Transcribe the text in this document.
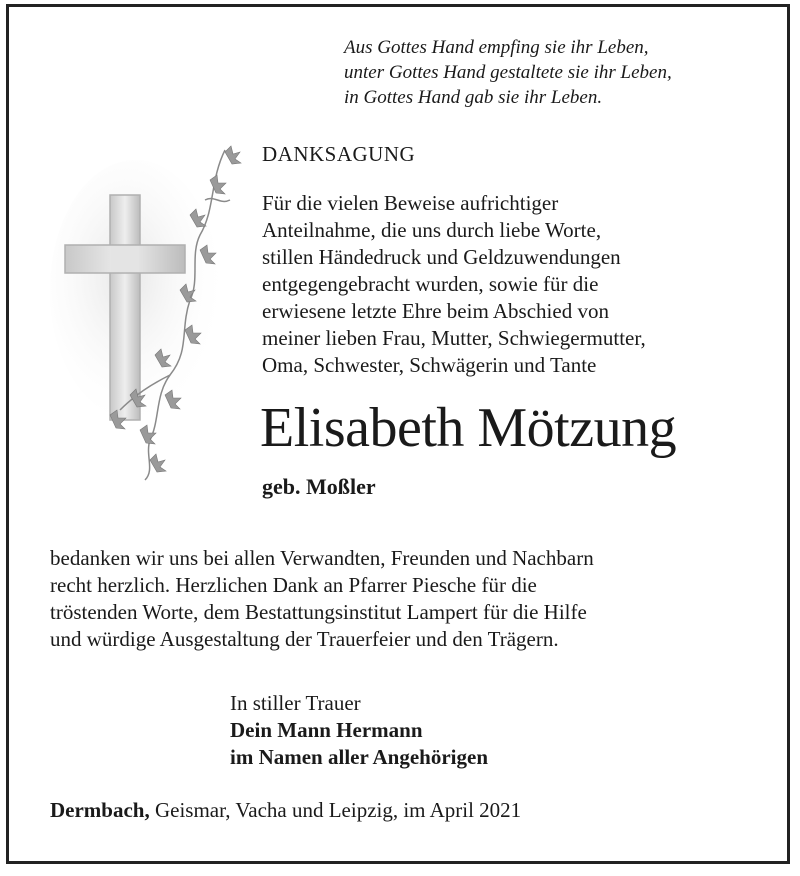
Aus Gottes Hand empfing sie ihr Leben,
unter Gottes Hand gestaltete sie ihr Leben,
in Gottes Hand gab sie ihr Leben.
DANKSAGUNG
Für die vielen Beweise aufrichtiger
Anteilnahme, die uns durch liebe Worte,
stillen Händedruck und Geldzuwendungen
entgegengebracht wurden, sowie für die
erwiesene letzte Ehre beim Abschied von
meiner lieben Frau, Mutter, Schwiegermutter,
Oma, Schwester, Schwägerin und Tante
Elisabeth Mötzung
geb. Moßler
bedanken wir uns bei allen Verwandten, Freunden und Nachbarn
recht herzlich. Herzlichen Dank an Pfarrer Piesche für die
tröstenden Worte, dem Bestattungsinstitut Lampert für die Hilfe
und würdige Ausgestaltung der Trauerfeier und den Trägern.
In stiller Trauer
Dein Mann Hermann
im Namen aller Angehörigen
Dermbach, Geismar, Vacha und Leipzig, im April 2021
